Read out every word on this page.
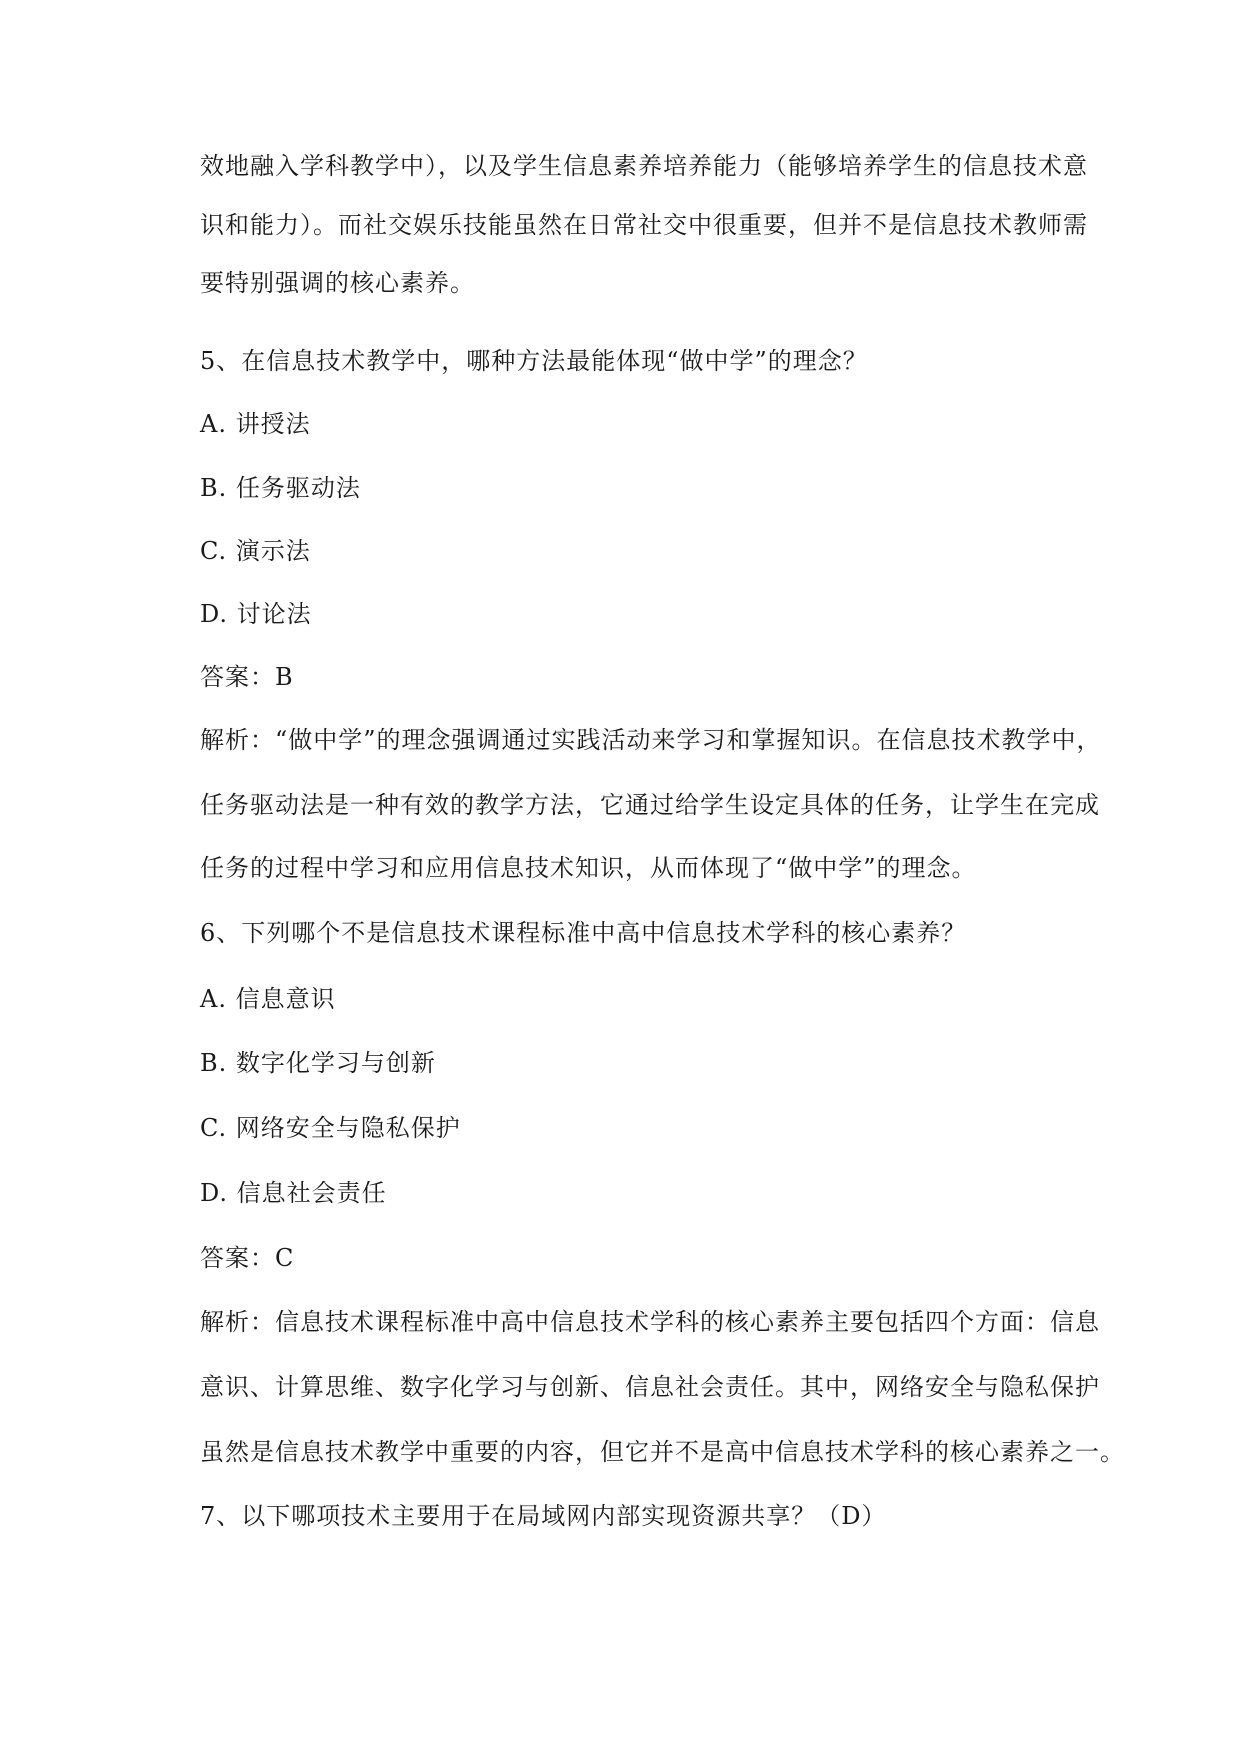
效地融入学科教学中），以及学生信息素养培养能力（能够培养学生的信息技术意
识和能力）。而社交娱乐技能虽然在日常社交中很重要，但并不是信息技术教师需
要特别强调的核心素养。
5、在信息技术教学中，哪种方法最能体现“做中学”的理念？
A. 讲授法
B. 任务驱动法
C. 演示法
D. 讨论法
答案：B
解析：“做中学”的理念强调通过实践活动来学习和掌握知识。在信息技术教学中，
任务驱动法是一种有效的教学方法，它通过给学生设定具体的任务，让学生在完成
任务的过程中学习和应用信息技术知识，从而体现了“做中学”的理念。
6、下列哪个不是信息技术课程标准中高中信息技术学科的核心素养？
A. 信息意识
B. 数字化学习与创新
C. 网络安全与隐私保护
D. 信息社会责任
答案：C
解析：信息技术课程标准中高中信息技术学科的核心素养主要包括四个方面：信息
意识、计算思维、数字化学习与创新、信息社会责任。其中，网络安全与隐私保护
虽然是信息技术教学中重要的内容，但它并不是高中信息技术学科的核心素养之一。
7、以下哪项技术主要用于在局域网内部实现资源共享？（D）
